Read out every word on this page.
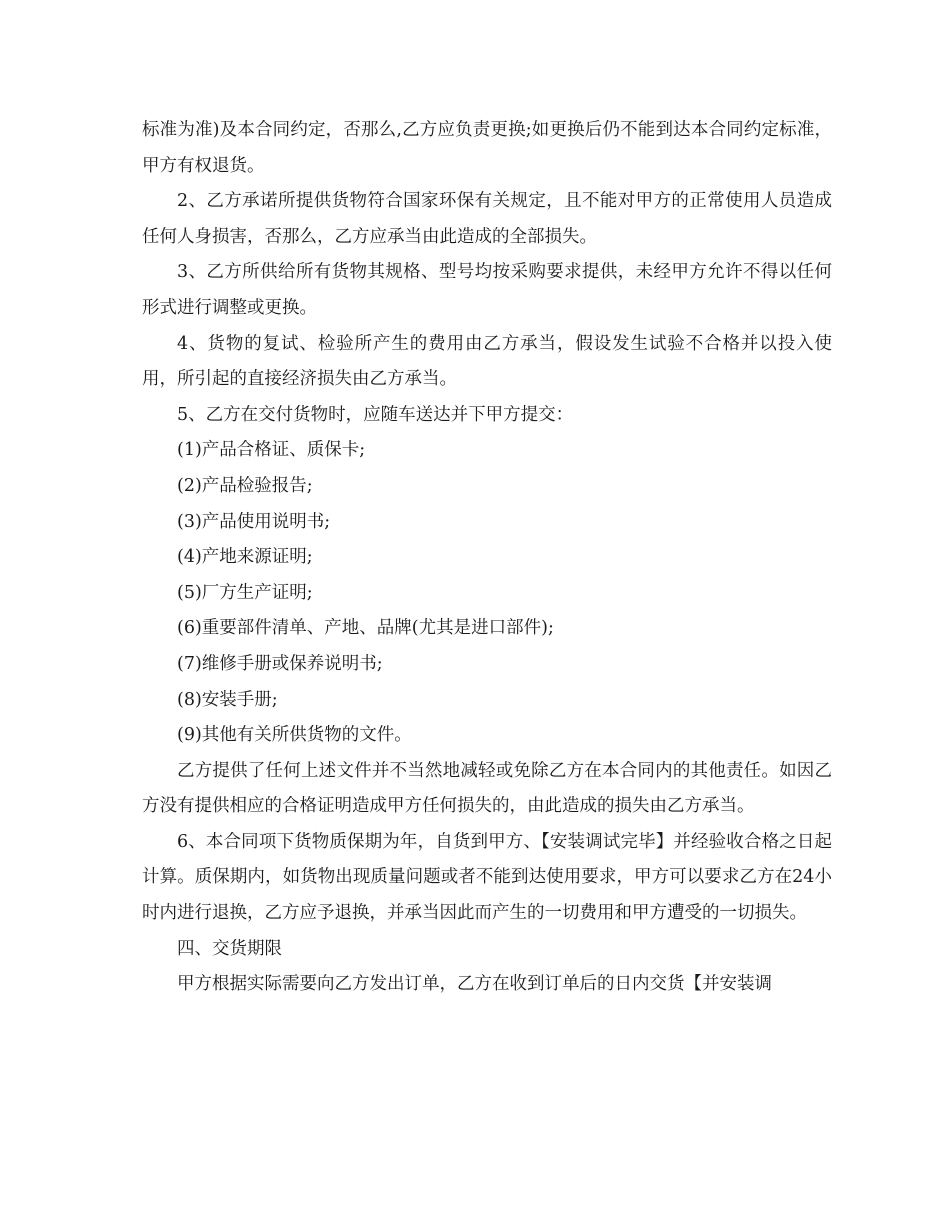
标准为准)及本合同约定，否那么,乙方应负责更换;如更换后仍不能到达本合同约定标准，甲方有权退货。

2、乙方承诺所提供货物符合国家环保有关规定，且不能对甲方的正常使用人员造成任何人身损害，否那么，乙方应承当由此造成的全部损失。

3、乙方所供给所有货物其规格、型号均按采购要求提供，未经甲方允许不得以任何形式进行调整或更换。

4、货物的复试、检验所产生的费用由乙方承当，假设发生试验不合格并以投入使用，所引起的直接经济损失由乙方承当。

5、乙方在交付货物时，应随车送达并下甲方提交：

(1)产品合格证、质保卡;

(2)产品检验报告;

(3)产品使用说明书;

(4)产地来源证明;

(5)厂方生产证明;

(6)重要部件清单、产地、品牌(尤其是进口部件);

(7)维修手册或保养说明书;

(8)安装手册;

(9)其他有关所供货物的文件。

乙方提供了任何上述文件并不当然地减轻或免除乙方在本合同内的其他责任。如因乙方没有提供相应的合格证明造成甲方任何损失的，由此造成的损失由乙方承当。

6、本合同项下货物质保期为年，自货到甲方、【安装调试完毕】并经验收合格之日起计算。质保期内，如货物出现质量问题或者不能到达使用要求，甲方可以要求乙方在24小时内进行退换，乙方应予退换，并承当因此而产生的一切费用和甲方遭受的一切损失。

四、交货期限

甲方根据实际需要向乙方发出订单，乙方在收到订单后的日内交货【并安装调
